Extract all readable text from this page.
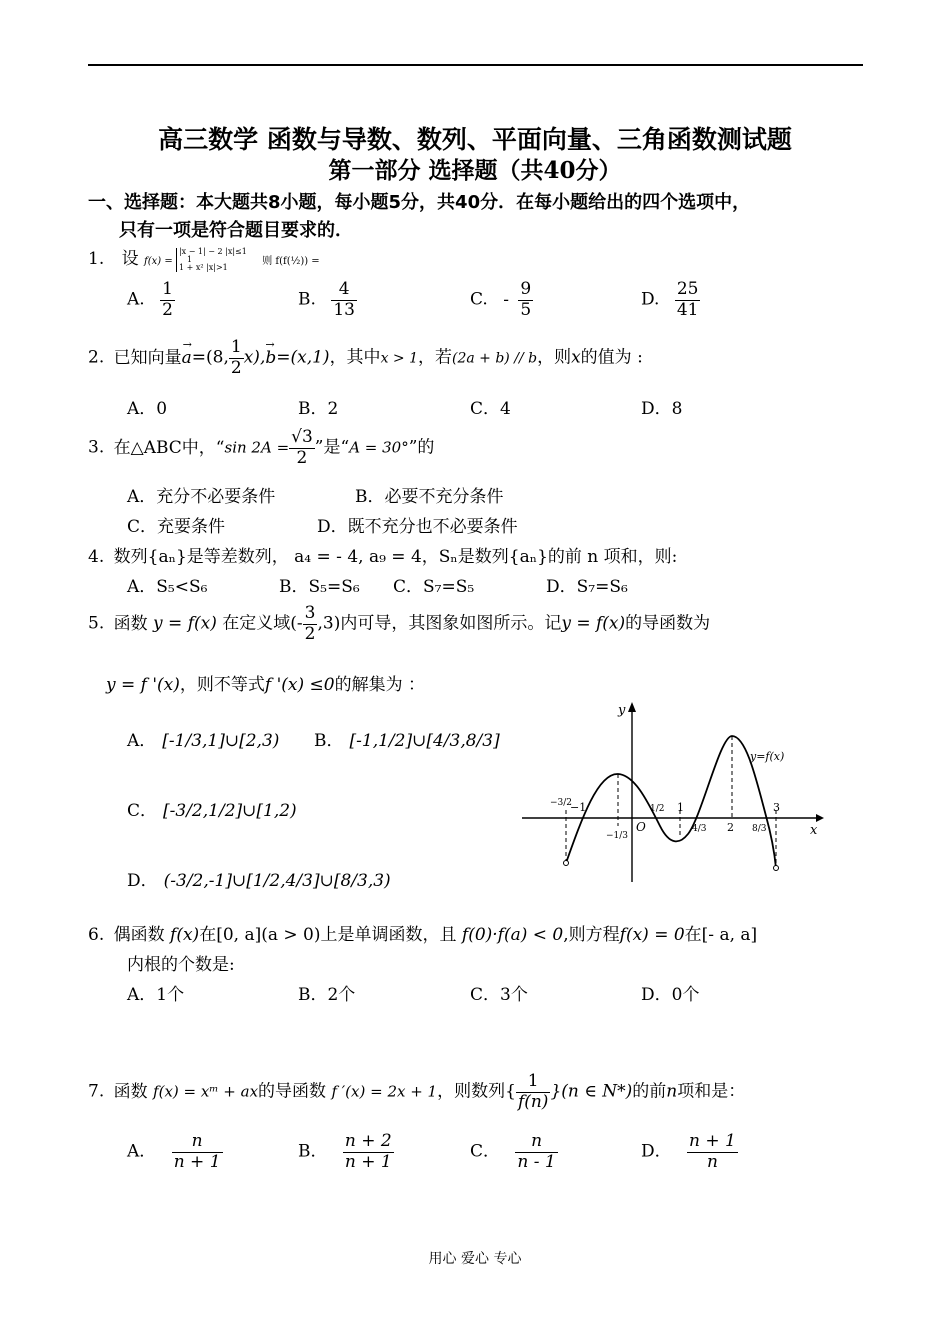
高三数学 函数与导数、数列、平面向量、三角函数测试题
第一部分 选择题（共40分）
一、选择题：本大题共8小题，每小题5分，共40分．在每小题给出的四个选项中，
只有一项是符合题目要求的．
1. 设 f(x) =
|x − 1| − 2 |x|≤1
1
1 + x² |x|>1	则 f(f(½)) =
A. $\frac{1}{2}$	B. $\frac{4}{13}$	C. - $\frac{9}{5}$	D. $\frac{25}{41}$
2. 已知向量
→
a=(8, $\frac{1}{2} x$),
→
b=(x,1)，其中x > 1，若(2a + b) // b，则x的值为 :
A．0	B．2	C．4	D．8
3. 在△ABC中，“sin $2A = \frac{√3}{2}$ ”是“A = 30°”的
A．充分不必要条件	B．必要不充分条件
C．充要条件	D．既不充分也不必要条件
4. 数列{aₙ}是等差数列， a₄ = - 4, a₉ = 4，Sₙ是数列{aₙ}的前 n 项和，则:
A．S₅<S₆	B．S₅=S₆ C．S₇=S₅	D．S₇=S₆
5. 函数 y = f(x) 在定义域(- $\frac{3}{2} ,3$)内可导，其图象如图所示。记y = f(x)的导函数为
y = f '(x)，则不等式f '(x) ≤0的解集为 ：
A． [-1/3,1]∪[2,3) B． [-1,1/2]∪[4/3,8/3]
C． [-3/2,1/2]∪[1,2)
D． (-3/2,-1]∪[1/2,4/3]∪[8/3,3)
y
x
y=f(x)
O
−1
−3/2
−1/3
1/2 1
4/3 2 8/3
3
6. 偶函数 f(x)在[0, a](a > 0)上是单调函数，且 f(0)·f(a) < 0,则方程f(x) = 0在[- a, a]
内根的个数是:
A．1个	B．2个	C．3个	D．0个
7. 函数 f(x) = xᵐ + ax的导函数 f ′(x) = 2x + 1，则数列{ $\frac{1}{f(n)} \}(n$ ∈ N*)的前n项和是：
A． $\frac{n}{n + 1}$	B． $\frac{n + 2}{n + 1}$	C． $\frac{n}{n - 1}$	D． $\frac{n + 1}{n}$
用心 爱心 专心
